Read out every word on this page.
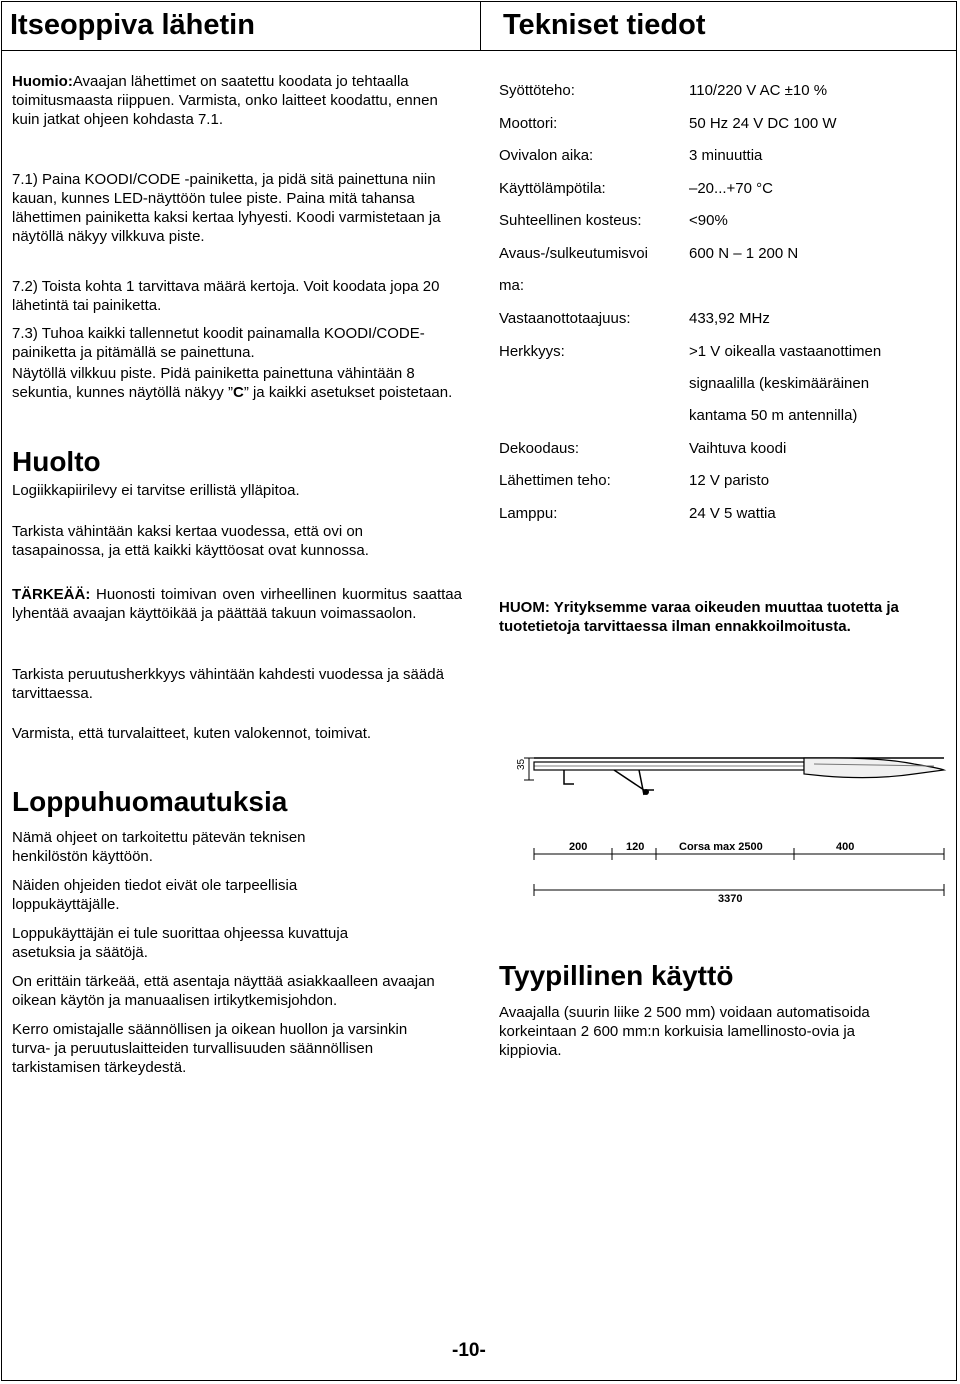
Itseoppiva lähetin	Tekniset tiedot
Huomio:Avaajan lähettimet on saatettu koodata jo tehtaalla toimitusmaasta riippuen. Varmista, onko laitteet koodattu, ennen kuin jatkat ohjeen kohdasta 7.1.
7.1) Paina KOODI/CODE -painiketta, ja pidä sitä painettuna niin kauan, kunnes LED-näyttöön tulee piste. Paina mitä tahansa lähettimen painiketta kaksi kertaa lyhyesti. Koodi varmistetaan ja näytöllä näkyy vilkkuva piste.
7.2) Toista kohta 1 tarvittava määrä kertoja. Voit koodata jopa 20 lähetintä tai painiketta.
7.3) Tuhoa kaikki tallennetut koodit painamalla KOODI/CODE-painiketta ja pitämällä se painettuna.
Näytöllä vilkkuu piste. Pidä painiketta painettuna vähintään 8 sekuntia, kunnes näytöllä näkyy ”C” ja kaikki asetukset poistetaan.
Huolto
Logiikkapiirilevy ei tarvitse erillistä ylläpitoa.
Tarkista vähintään kaksi kertaa vuodessa, että ovi on tasapainossa, ja että kaikki käyttöosat ovat kunnossa.
TÄRKEÄÄ: Huonosti toimivan oven virheellinen kuormitus saattaa lyhentää avaajan käyttöikää ja päättää takuun voimassaolon.
Tarkista peruutusherkkyys vähintään kahdesti vuodessa ja säädä tarvittaessa.
Varmista, että turvalaitteet, kuten valokennot, toimivat.
Loppuhuomautuksia
Nämä ohjeet on tarkoitettu pätevän teknisen henkilöstön käyttöön.
Näiden ohjeiden tiedot eivät ole tarpeellisia loppukäyttäjälle.
Loppukäyttäjän ei tule suorittaa ohjeessa kuvattuja asetuksia ja säätöjä.
On erittäin tärkeää, että asentaja näyttää asiakkaalleen avaajan oikean käytön ja manuaalisen irtikytkemisjohdon.
Kerro omistajalle säännöllisen ja oikean huollon ja varsinkin turva- ja peruutuslaitteiden turvallisuuden säännöllisen tarkistamisen tärkeydestä.
Syöttöteho:	110/220 V AC ±10 %
Moottori:	50 Hz 24 V DC 100 W
Ovivalon aika:	3 minuuttia
Käyttölämpötila:	–20...+70 °C
Suhteellinen kosteus:	<90%
Avaus-/sulkeutumisvoi	600 N – 1 200 N
ma:
Vastaanottotaajuus:	433,92 MHz
Herkkyys:	>1 V oikealla vastaanottimen
signaalilla (keskimääräinen
kantama 50 m antennilla)
Dekoodaus:	Vaihtuva koodi
Lähettimen teho:	12 V paristo
Lamppu:	24 V 5 wattia
HUOM: Yrityksemme varaa oikeuden muuttaa tuotetta ja tuotetietoja tarvittaessa ilman ennakkoilmoitusta.
35
200	120	Corsa max 2500	400
3370
Tyypillinen käyttö
Avaajalla (suurin liike 2 500 mm) voidaan automatisoida korkeintaan 2 600 mm:n korkuisia lamellinosto-ovia ja kippiovia.
-10-
